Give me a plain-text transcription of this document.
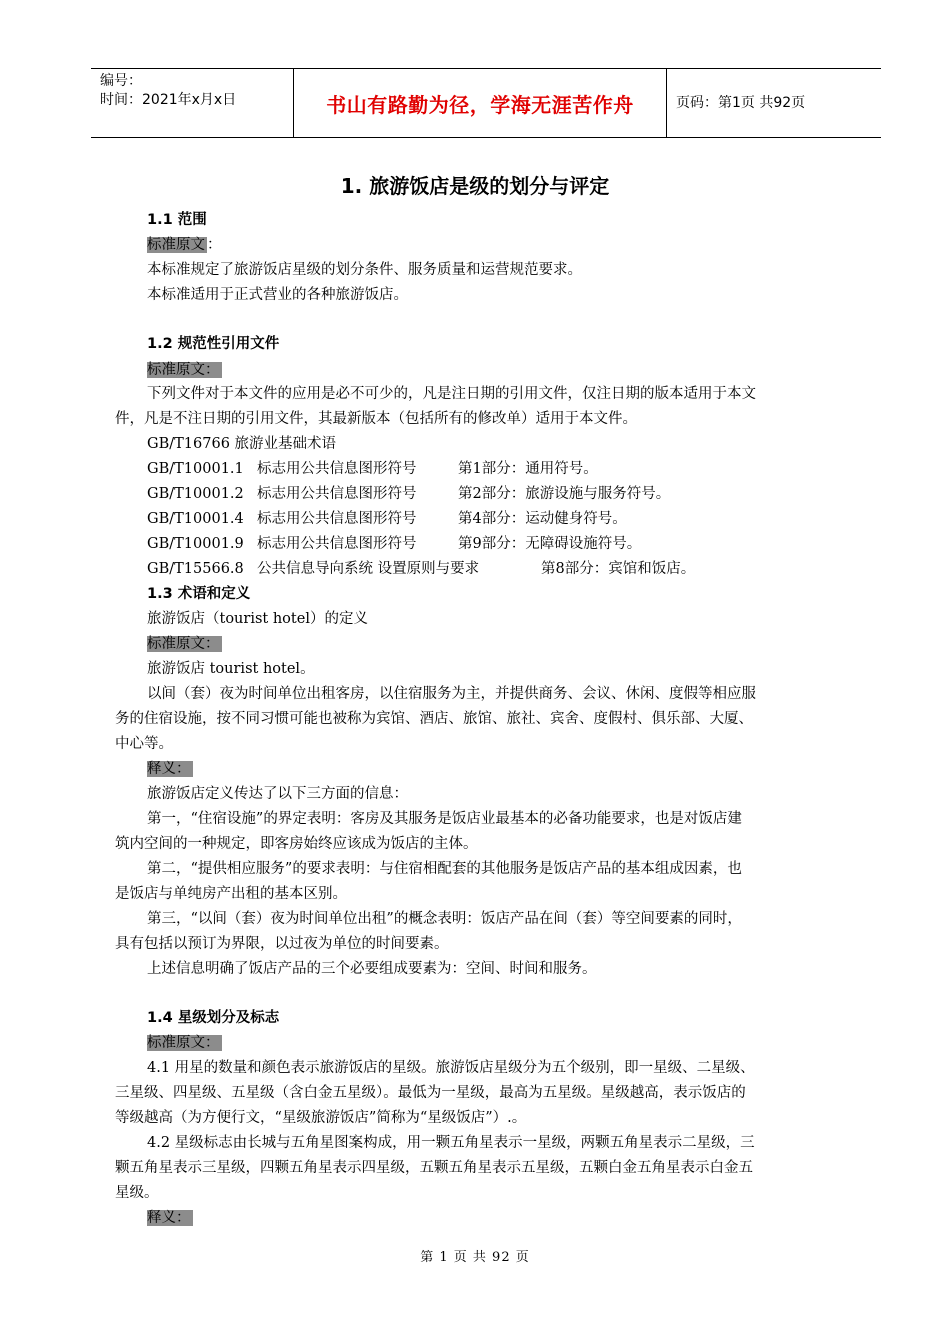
编号：
时间：2021年x月x日	书山有路勤为径，学海无涯苦作舟	页码：第1页 共92页
1. 旅游饭店是级的划分与评定
1.1 范围
标准原文 ：
本标准规定了旅游饭店星级的划分条件、服务质量和运营规范要求。
本标准适用于正式营业的各种旅游饭店。
1.2 规范性引用文件
标准原文：
下列文件对于本文件的应用是必不可少的，凡是注日期的引用文件，仅注日期的版本适用于本文
件，凡是不注日期的引用文件，其最新版本（包括所有的修改单）适用于本文件。
GB/T16766 旅游业基础术语
GB/T10001.1 标志用公共信息图形符号	第1部分：通用符号。
GB/T10001.2 标志用公共信息图形符号	第2部分：旅游设施与服务符号。
GB/T10001.4 标志用公共信息图形符号	第4部分：运动健身符号。
GB/T10001.9 标志用公共信息图形符号	第9部分：无障碍设施符号。
GB/T15566.8 公共信息导向系统 设置原则与要求	第8部分：宾馆和饭店。
1.3 术语和定义
旅游饭店（tourist hotel）的定义
标准原文：
旅游饭店 tourist hotel。
以间（套）夜为时间单位出租客房，以住宿服务为主，并提供商务、会议、休闲、度假等相应服
务的住宿设施，按不同习惯可能也被称为宾馆、酒店、旅馆、旅社、宾舍、度假村、俱乐部、大厦、
中心等。
释义：
旅游饭店定义传达了以下三方面的信息：
第一，“住宿设施”的界定表明：客房及其服务是饭店业最基本的必备功能要求，也是对饭店建
筑内空间的一种规定，即客房始终应该成为饭店的主体。
第二，“提供相应服务”的要求表明：与住宿相配套的其他服务是饭店产品的基本组成因素，也
是饭店与单纯房产出租的基本区别。
第三，“以间（套）夜为时间单位出租”的概念表明：饭店产品在间（套）等空间要素的同时，
具有包括以预订为界限，以过夜为单位的时间要素。
上述信息明确了饭店产品的三个必要组成要素为：空间、时间和服务。
1.4 星级划分及标志
标准原文：
4.1 用星的数量和颜色表示旅游饭店的星级。旅游饭店星级分为五个级别，即一星级、二星级、
三星级、四星级、五星级（含白金五星级）。最低为一星级，最高为五星级。星级越高，表示饭店的
等级越高（为方便行文，“星级旅游饭店”简称为“星级饭店”）.。
4.2 星级标志由长城与五角星图案构成，用一颗五角星表示一星级，两颗五角星表示二星级，三
颗五角星表示三星级，四颗五角星表示四星级，五颗五角星表示五星级，五颗白金五角星表示白金五
星级。
释义：
第 1 页 共 92 页
